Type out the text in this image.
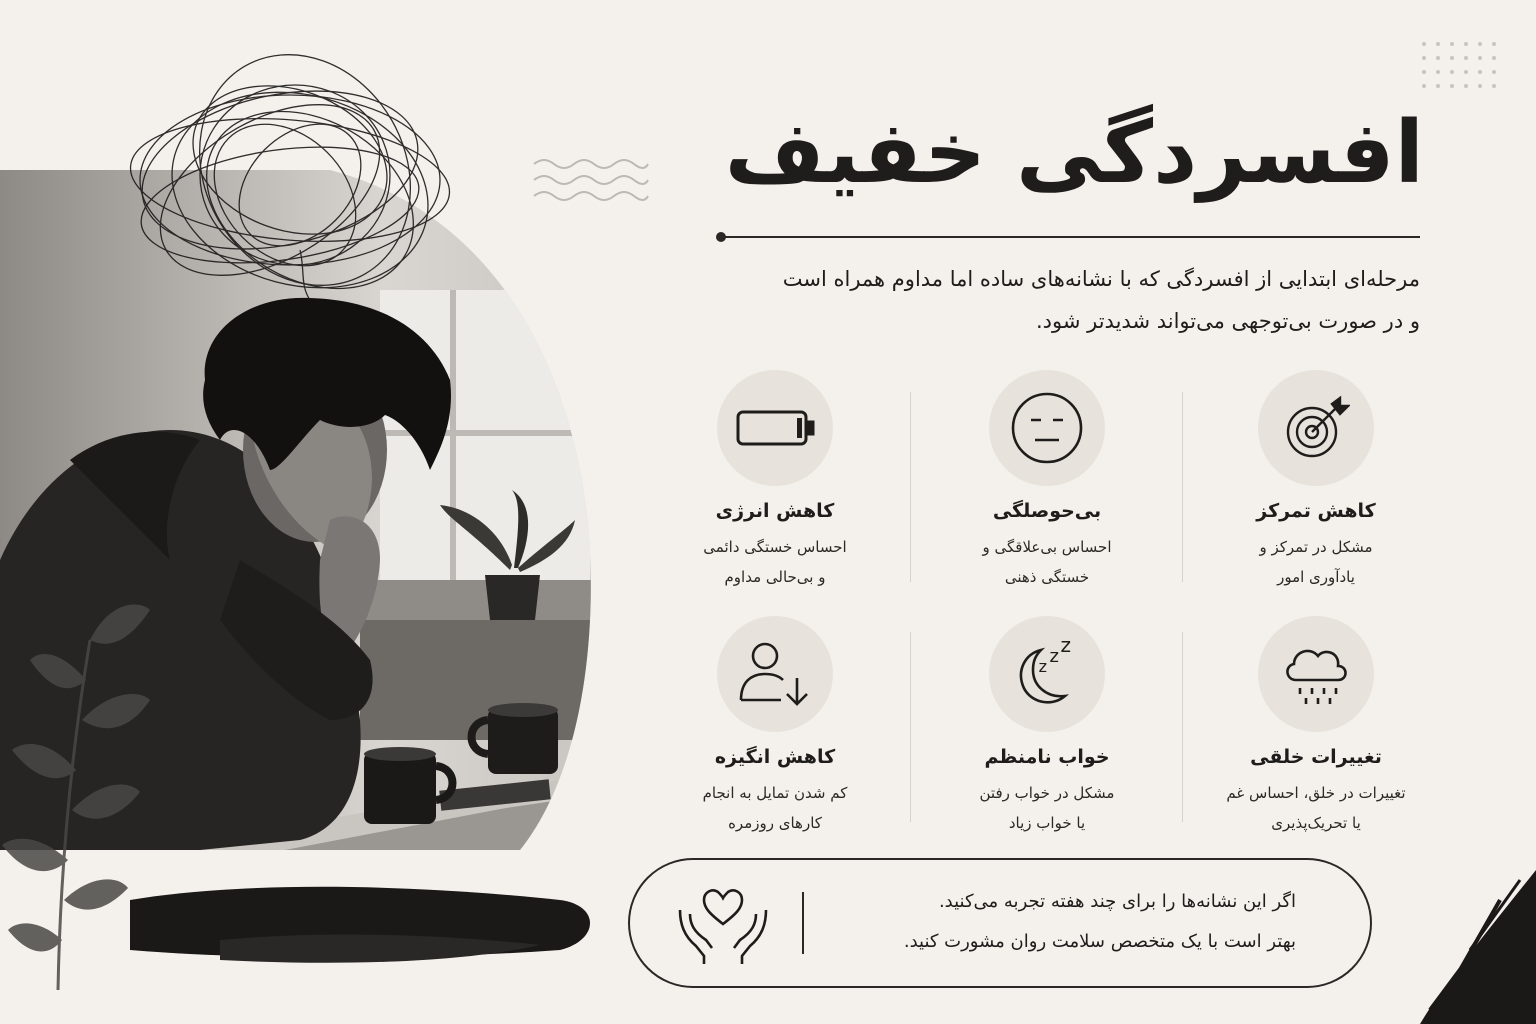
افسردگی خفیف
مرحله‌ای ابتدایی از افسردگی که با نشانه‌های ساده اما مداوم همراه است
و در صورت بی‌توجهی می‌تواند شدیدتر شود.
کاهش تمرکز

مشکل در تمرکز و

یادآوری امور

بی‌حوصلگی

احساس بی‌علاقگی و

خستگی ذهنی

کاهش انرژی

احساس خستگی دائمی

و بی‌حالی مداوم

تغییرات خلقی

تغییرات در خلق، احساس غم

یا تحریک‌پذیری

z z z
خواب نامنظم

مشکل در خواب رفتن

یا خواب زیاد

کاهش انگیزه

کم شدن تمایل به انجام

کارهای روزمره

اگر این نشانه‌ها را برای چند هفته تجربه می‌کنید.
بهتر است با یک متخصص سلامت روان مشورت کنید.
